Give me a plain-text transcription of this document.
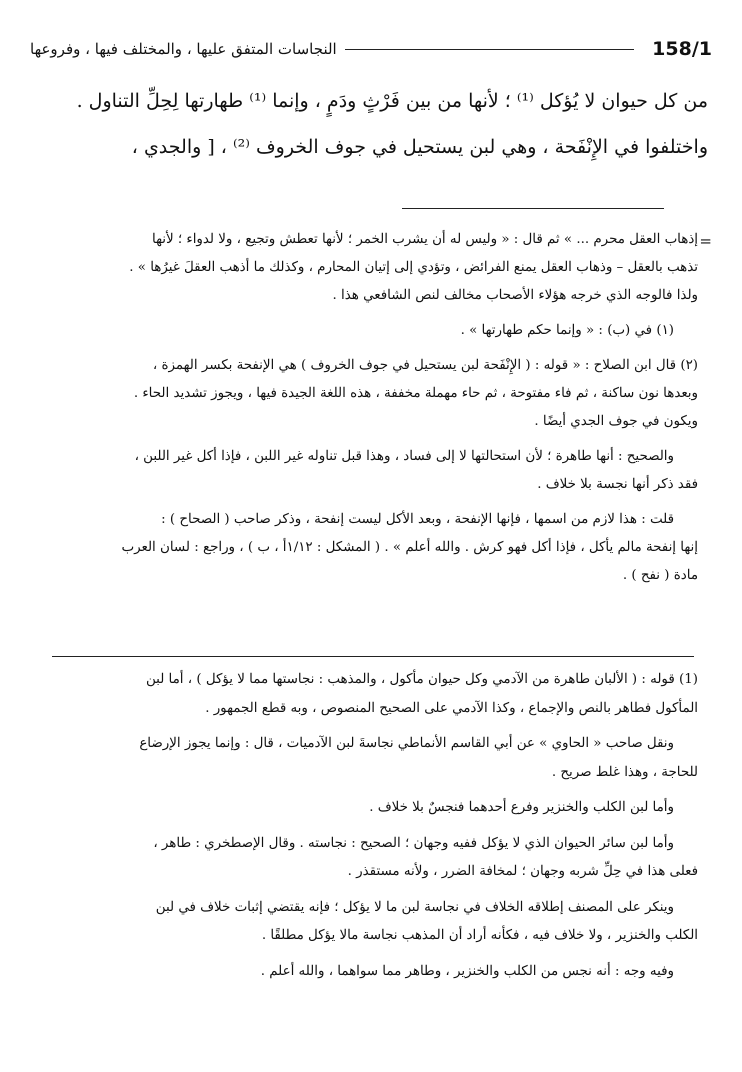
158/1
النجاسات المتفق عليها ، والمختلف فيها ، وفروعها

من كل حيوان لا يُؤكل ⁽¹⁾ ؛ لأنها من بين فَرْثٍ ودَمٍ ، وإنما ⁽¹⁾ طهارتها لِحِلِّ التناول .

واختلفوا في الإِنْفَحة ، وهي لبن يستحيل في جوف الخروف ⁽²⁾ ، [ والجدي ،

=

إذهاب العقل محرم ... » ثم قال : « وليس له أن يشرب الخمر ؛ لأنها تعطش وتجيع ، ولا لدواء ؛ لأنها

تذهب بالعقل – وذهاب العقل يمنع الفرائض ، وتؤدي إلى إتيان المحارم ، وكذلك ما أذهب العقلَ غيرُها » .

ولذا فالوجه الذي خرجه هؤلاء الأصحاب مخالف لنص الشافعي هذا .

(١) في (ب) : « وإنما حكم طهارتها » .

(٢) قال ابن الصلاح : « قوله : ( الإِنْفَحة لبن يستحيل في جوف الخروف ) هي الإنفحة بكسر الهمزة ،

وبعدها نون ساكنة ، ثم فاء مفتوحة ، ثم حاء مهملة مخففة ، هذه اللغة الجيدة فيها ، ويجوز تشديد الحاء .

ويكون في جوف الجدي أيضًا .

والصحيح : أنها طاهرة ؛ لأن استحالتها لا إلى فساد ، وهذا قبل تناوله غير اللبن ، فإذا أكل غير اللبن ،

فقد ذكر أنها نجسة بلا خلاف .

قلت : هذا لازم من اسمها ، فإنها الإنفحة ، وبعد الأكل ليست إنفحة ، وذكر صاحب ( الصحاح ) :

إنها إنفحة مالم يأكل ، فإذا أكل فهو كرش . والله أعلم » . ( المشكل : ١/١٢أ ، ب ) ، وراجع : لسان العرب

مادة ( نفح ) .

(1) قوله : ( الألبان طاهرة من الآدمي وكل حيوان مأكول ، والمذهب : نجاستها مما لا يؤكل ) ، أما لبن

المأكول فطاهر بالنص والإجماع ، وكذا الآدمي على الصحيح المنصوص ، وبه قطع الجمهور .

ونقل صاحب « الحاوي » عن أبي القاسم الأنماطي نجاسةَ لبن الآدميات ، قال : وإنما يجوز الإرضاع

للحاجة ، وهذا غلط صريح .

وأما لبن الكلب والخنزير وفرع أحدهما فنجسٌ بلا خلاف .

وأما لبن سائر الحيوان الذي لا يؤكل ففيه وجهان ؛ الصحيح : نجاسته . وقال الإصطخري : طاهر ،

فعلى هذا في حِلِّ شربه وجهان ؛ لمخافة الضرر ، ولأنه مستقذر .

وينكر على المصنف إطلاقه الخلاف في نجاسة لبن ما لا يؤكل ؛ فإنه يقتضي إثبات خلاف في لبن

الكلب والخنزير ، ولا خلاف فيه ، فكأنه أراد أن المذهب نجاسة مالا يؤكل مطلقًا .

وفيه وجه : أنه نجس من الكلب والخنزير ، وطاهر مما سواهما ، والله أعلم .
